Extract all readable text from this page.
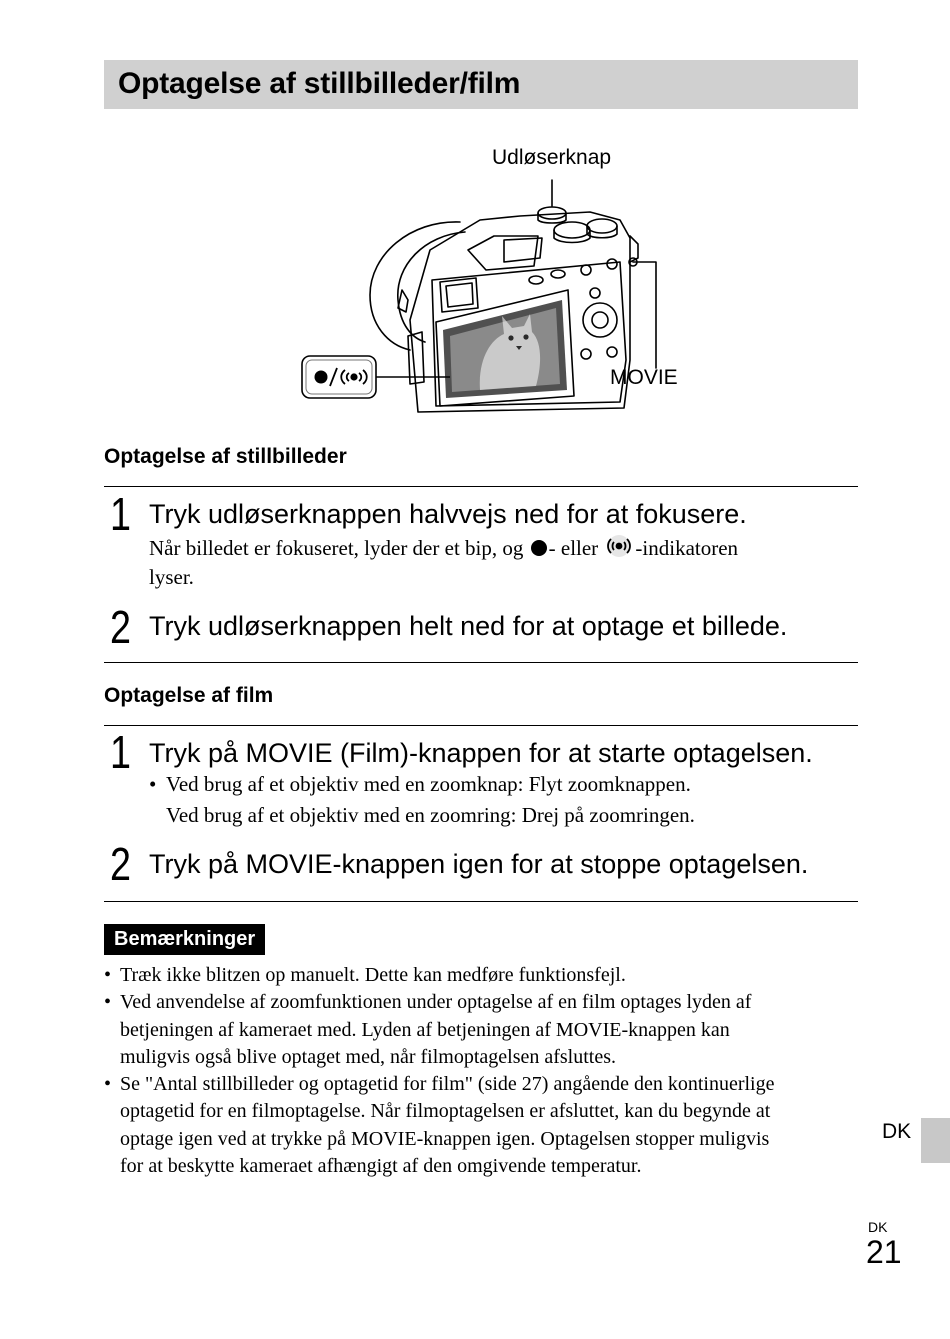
Optagelse af stillbilleder/film
Udløserknap
MOVIE
Optagelse af stillbilleder
1 Tryk udløserknappen halvvejs ned for at fokusere.
Når billedet er fokuseret, lyder der et bip, og - eller -indikatoren
lyser.
2 Tryk udløserknappen helt ned for at optage et billede.
Optagelse af film
1 Tryk på MOVIE (Film)-knappen for at starte optagelsen.
• Ved brug af et objektiv med en zoomknap: Flyt zoomknappen.
Ved brug af et objektiv med en zoomring: Drej på zoomringen.
2 Tryk på MOVIE-knappen igen for at stoppe optagelsen.
Bemærkninger
• Træk ikke blitzen op manuelt. Dette kan medføre funktionsfejl.
• Ved anvendelse af zoomfunktionen under optagelse af en film optages lyden af
betjeningen af kameraet med. Lyden af betjeningen af MOVIE-knappen kan
muligvis også blive optaget med, når filmoptagelsen afsluttes.
• Se "Antal stillbilleder og optagetid for film" (side 27) angående den kontinuerlige
optagetid for en filmoptagelse. Når filmoptagelsen er afsluttet, kan du begynde at
optage igen ved at trykke på MOVIE-knappen igen. Optagelsen stopper muligvis
for at beskytte kameraet afhængigt af den omgivende temperatur.
DK
DK
21
